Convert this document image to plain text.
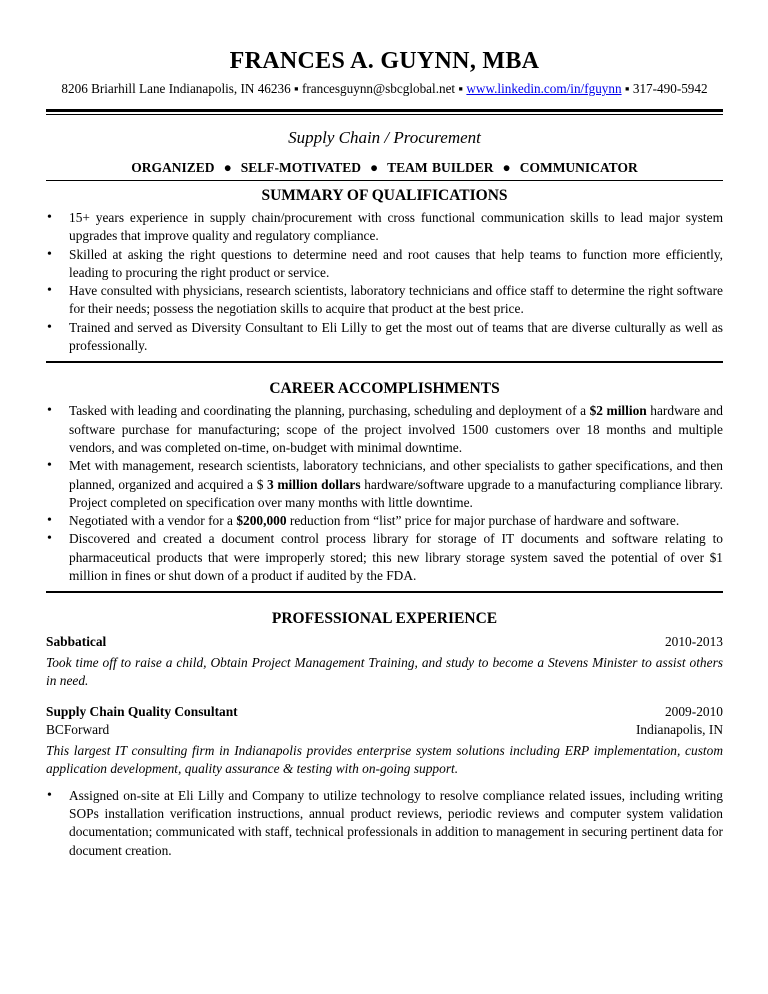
FRANCES A. GUYNN, MBA
8206 Briarhill Lane Indianapolis, IN 46236 ▪ francesguynn@sbcglobal.net ▪ www.linkedin.com/in/fguynn ▪ 317-490-5942
Supply Chain / Procurement
ORGANIZED ● SELF-MOTIVATED ● TEAM BUILDER ● COMMUNICATOR
SUMMARY OF QUALIFICATIONS
• 15+ years experience in supply chain/procurement with cross functional communication skills to lead major system upgrades that improve quality and regulatory compliance.
• Skilled at asking the right questions to determine need and root causes that help teams to function more efficiently, leading to procuring the right product or service.
• Have consulted with physicians, research scientists, laboratory technicians and office staff to determine the right software for their needs; possess the negotiation skills to acquire that product at the best price.
• Trained and served as Diversity Consultant to Eli Lilly to get the most out of teams that are diverse culturally as well as professionally.
CAREER ACCOMPLISHMENTS
• Tasked with leading and coordinating the planning, purchasing, scheduling and deployment of a $2 million hardware and software purchase for manufacturing; scope of the project involved 1500 customers over 18 months and multiple vendors, and was completed on-time, on-budget with minimal downtime.
• Met with management, research scientists, laboratory technicians, and other specialists to gather specifications, and then planned, organized and acquired a $ 3 million dollars hardware/software upgrade to a manufacturing compliance library. Project completed on specification over many months with little downtime.
• Negotiated with a vendor for a $200,000 reduction from “list” price for major purchase of hardware and software.
• Discovered and created a document control process library for storage of IT documents and software relating to pharmaceutical products that were improperly stored; this new library storage system saved the potential of over $1 million in fines or shut down of a product if audited by the FDA.
PROFESSIONAL EXPERIENCE
Sabbatical	2010-2013
Took time off to raise a child, Obtain Project Management Training, and study to become a Stevens Minister to assist others in need.
Supply Chain Quality Consultant	2009-2010
BCForward	Indianapolis, IN
This largest IT consulting firm in Indianapolis provides enterprise system solutions including ERP implementation, custom application development, quality assurance & testing with on-going support.
• Assigned on-site at Eli Lilly and Company to utilize technology to resolve compliance related issues, including writing SOPs installation verification instructions, annual product reviews, periodic reviews and computer system validation documentation; communicated with staff, technical professionals in addition to management in securing pertinent data for document creation.
